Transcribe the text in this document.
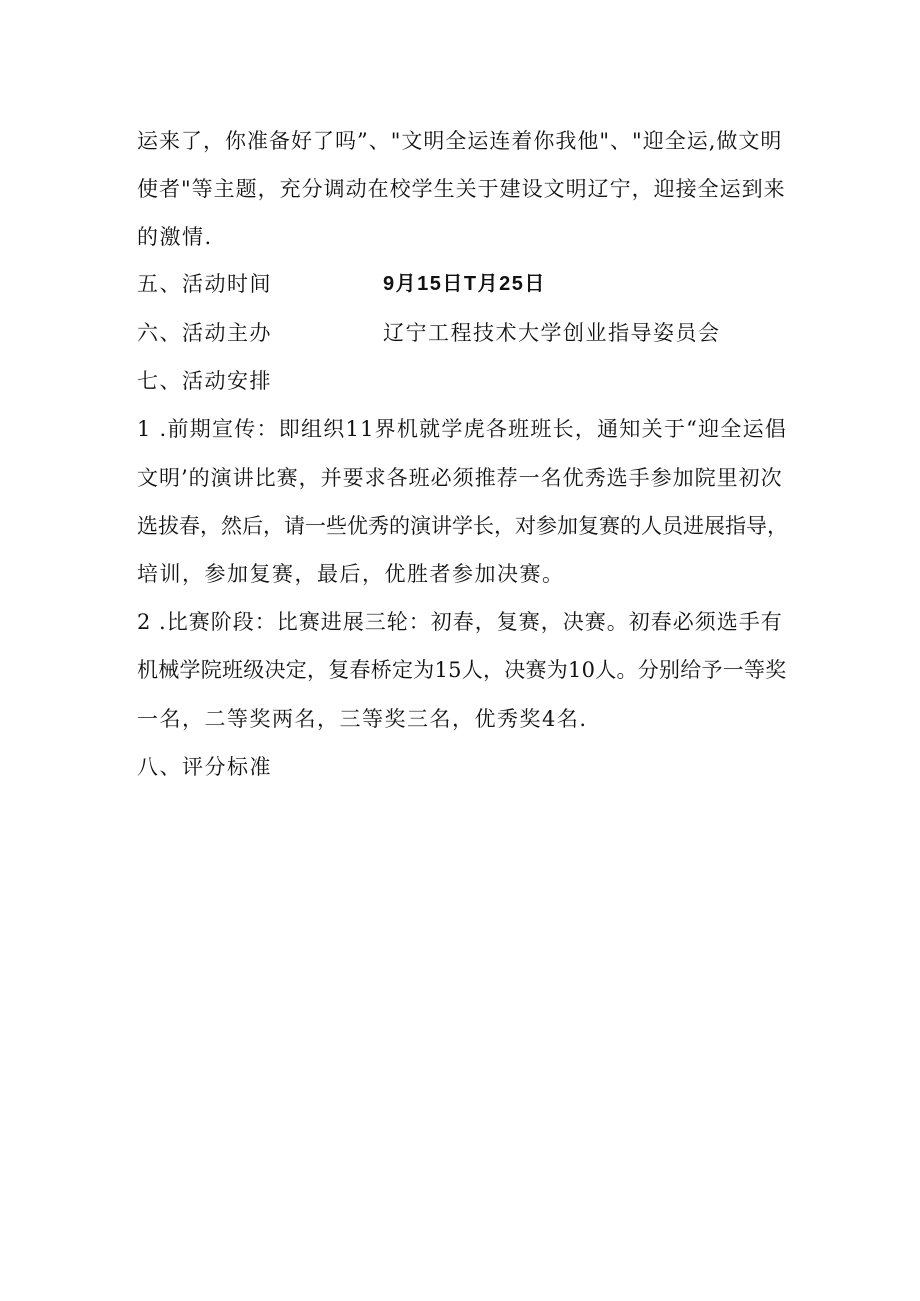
运来了，你准备好了吗”、"文明全运连着你我他"、"迎全运,做文明
使者"等主题，充分调动在校学生关于建设文明辽宁，迎接全运到来
的激情.
五、活动时间	9月15日T月25日
六、活动主办	辽宁工程技术大学创业指导姿员会
七、活动安排
1 .前期宣传：即组织11界机就学虎各班班长，通知关于“迎全运倡
文明’的演讲比赛，并要求各班必须推荐一名优秀选手参加院里初次
选拔春，然后，请一些优秀的演讲学长，对参加复赛的人员进展指导，
培训，参加复赛，最后，优胜者参加决赛。
2 .比赛阶段：比赛进展三轮：初春，复赛，决赛。初春必须选手有
机械学院班级决定，复春桥定为15人，决赛为10人。分别给予一等奖
一名，二等奖两名，三等奖三名，优秀奖4名.
八、评分标准
